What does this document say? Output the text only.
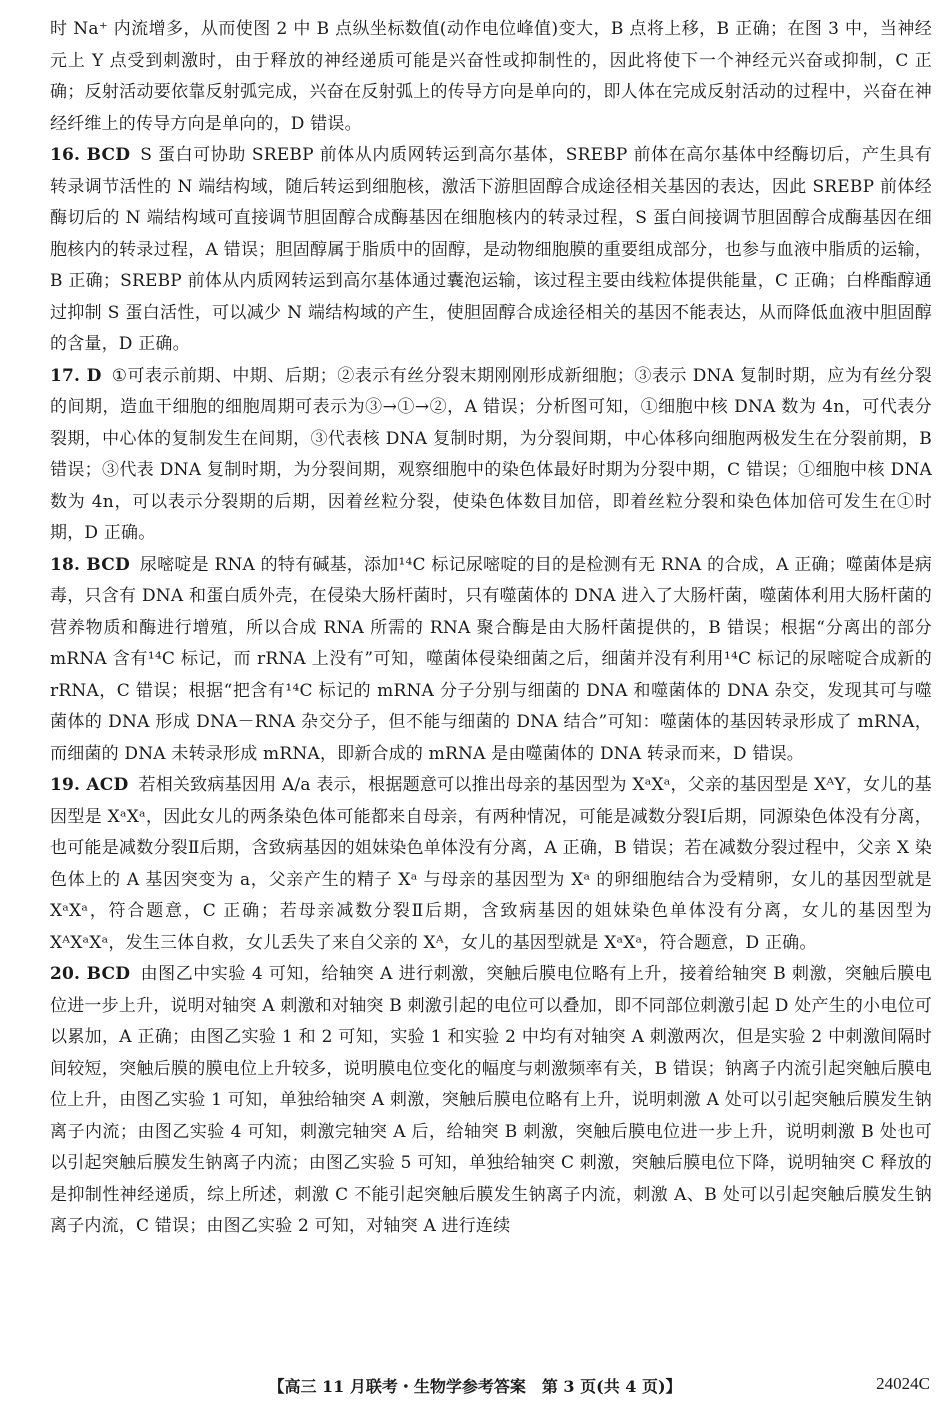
时 Na⁺ 内流增多，从而使图 2 中 B 点纵坐标数值(动作电位峰值)变大，B 点将上移，B 正确；在图 3 中，当神经元上 Y 点受到刺激时，由于释放的神经递质可能是兴奋性或抑制性的，因此将使下一个神经元兴奋或抑制，C 正确；反射活动要依靠反射弧完成，兴奋在反射弧上的传导方向是单向的，即人体在完成反射活动的过程中，兴奋在神经纤维上的传导方向是单向的，D 错误。

16. BCD S 蛋白可协助 SREBP 前体从内质网转运到高尔基体，SREBP 前体在高尔基体中经酶切后，产生具有转录调节活性的 N 端结构域，随后转运到细胞核，激活下游胆固醇合成途径相关基因的表达，因此 SREBP 前体经酶切后的 N 端结构域可直接调节胆固醇合成酶基因在细胞核内的转录过程，S 蛋白间接调节胆固醇合成酶基因在细胞核内的转录过程，A 错误；胆固醇属于脂质中的固醇，是动物细胞膜的重要组成部分，也参与血液中脂质的运输，B 正确；SREBP 前体从内质网转运到高尔基体通过囊泡运输，该过程主要由线粒体提供能量，C 正确；白桦酯醇通过抑制 S 蛋白活性，可以减少 N 端结构域的产生，使胆固醇合成途径相关的基因不能表达，从而降低血液中胆固醇的含量，D 正确。

17. D ①可表示前期、中期、后期；②表示有丝分裂末期刚刚形成新细胞；③表示 DNA 复制时期，应为有丝分裂的间期，造血干细胞的细胞周期可表示为③→①→②，A 错误；分析图可知，①细胞中核 DNA 数为 4n，可代表分裂期，中心体的复制发生在间期，③代表核 DNA 复制时期，为分裂间期，中心体移向细胞两极发生在分裂前期，B 错误；③代表 DNA 复制时期，为分裂间期，观察细胞中的染色体最好时期为分裂中期，C 错误；①细胞中核 DNA 数为 4n，可以表示分裂期的后期，因着丝粒分裂，使染色体数目加倍，即着丝粒分裂和染色体加倍可发生在①时期，D 正确。

18. BCD 尿嘧啶是 RNA 的特有碱基，添加¹⁴C 标记尿嘧啶的目的是检测有无 RNA 的合成，A 正确；噬菌体是病毒，只含有 DNA 和蛋白质外壳，在侵染大肠杆菌时，只有噬菌体的 DNA 进入了大肠杆菌，噬菌体利用大肠杆菌的营养物质和酶进行增殖，所以合成 RNA 所需的 RNA 聚合酶是由大肠杆菌提供的，B 错误；根据“分离出的部分 mRNA 含有¹⁴C 标记，而 rRNA 上没有”可知，噬菌体侵染细菌之后，细菌并没有利用¹⁴C 标记的尿嘧啶合成新的 rRNA，C 错误；根据“把含有¹⁴C 标记的 mRNA 分子分别与细菌的 DNA 和噬菌体的 DNA 杂交，发现其可与噬菌体的 DNA 形成 DNA－RNA 杂交分子，但不能与细菌的 DNA 结合”可知：噬菌体的基因转录形成了 mRNA，而细菌的 DNA 未转录形成 mRNA，即新合成的 mRNA 是由噬菌体的 DNA 转录而来，D 错误。

19. ACD 若相关致病基因用 A/a 表示，根据题意可以推出母亲的基因型为 XᵃXᵃ，父亲的基因型是 XᴬY，女儿的基因型是 XᵃXᵃ，因此女儿的两条染色体可能都来自母亲，有两种情况，可能是减数分裂Ⅰ后期，同源染色体没有分离，也可能是减数分裂Ⅱ后期，含致病基因的姐妹染色单体没有分离，A 正确，B 错误；若在减数分裂过程中，父亲 X 染色体上的 A 基因突变为 a，父亲产生的精子 Xᵃ 与母亲的基因型为 Xᵃ 的卵细胞结合为受精卵，女儿的基因型就是 XᵃXᵃ，符合题意，C 正确；若母亲减数分裂Ⅱ后期，含致病基因的姐妹染色单体没有分离，女儿的基因型为 XᴬXᵃXᵃ，发生三体自救，女儿丢失了来自父亲的 Xᴬ，女儿的基因型就是 XᵃXᵃ，符合题意，D 正确。

20. BCD 由图乙中实验 4 可知，给轴突 A 进行刺激，突触后膜电位略有上升，接着给轴突 B 刺激，突触后膜电位进一步上升，说明对轴突 A 刺激和对轴突 B 刺激引起的电位可以叠加，即不同部位刺激引起 D 处产生的小电位可以累加，A 正确；由图乙实验 1 和 2 可知，实验 1 和实验 2 中均有对轴突 A 刺激两次，但是实验 2 中刺激间隔时间较短，突触后膜的膜电位上升较多，说明膜电位变化的幅度与刺激频率有关，B 错误；钠离子内流引起突触后膜电位上升，由图乙实验 1 可知，单独给轴突 A 刺激，突触后膜电位略有上升，说明刺激 A 处可以引起突触后膜发生钠离子内流；由图乙实验 4 可知，刺激完轴突 A 后，给轴突 B 刺激，突触后膜电位进一步上升，说明刺激 B 处也可以引起突触后膜发生钠离子内流；由图乙实验 5 可知，单独给轴突 C 刺激，突触后膜电位下降，说明轴突 C 释放的是抑制性神经递质，综上所述，刺激 C 不能引起突触后膜发生钠离子内流，刺激 A、B 处可以引起突触后膜发生钠离子内流，C 错误；由图乙实验 2 可知，对轴突 A 进行连续

【高三 11 月联考・生物学参考答案　第 3 页(共 4 页)】	24024C
